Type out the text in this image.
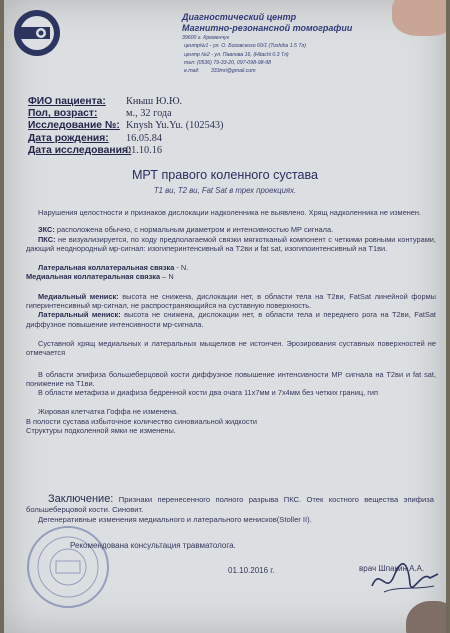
Диагностический центр
Магнитно-резонансной томографии
39600 г. Кременчуг
центр№1 - ул. О. Бозовского 60/1 (Toshiba 1.5 Тл)
центр №2 - ул. Павлова 16, (Hitachi 0.3 Тл)
тел: (0536) 79-33-20, 097-098-98-98
e.mail: 333mri@gmail.com
ФИО пациента:	Кныш Ю.Ю.
Пол, возраст:	м., 32 года
Исследование №: Knysh Yu.Yu. (102543)
Дата рождения:	16.05.84
Дата исследования:
01.10.16
МРТ правого коленного сустава
T1 ви, T2 ви, Fat Sat в трех проекциях.

Нарушения целостности и признаков дислокации надколенника не выявлено. Хрящ надколенника не изменен.

ЗКС: расположена обычно, с нормальным диаметром и интенсивностью МР сигнала.

ПКС: не визуализируется, по ходу предполагаемой связки мягкотканый компонент с четкими ровными контурами, дающий неоднородный мр-сигнал: изогиперинтенсивный на Т2ви и fat sat, изогипоинтенсивный на Т1ви.

Латеральная коллатеральная связка - N.
Медиальная коллатеральная связка – N

Медиальный мениск: высота не снижена, дислокации нет, в области тела на Т2ви, FatSat линейной формы гиперинтенсивный мр-сигнал, не распространяющийся на суставную поверхность.

Латеральный мениск: высота не снижена, дислокации нет, в области тела и переднего рога на Т2ви, FatSat диффузное повышение интенсивности мр-сигнала.

Суставной хрящ медиальных и латеральных мыщелков не истончен. Эрозирования суставных поверхностей не отмечается

В области эпифиза большеберцовой кости диффузное повышение интенсивности МР сигнала на Т2ви и fat sat, понижение на Т1ви.

В области метафиза и диафиза бедренной кости два очага 11х7мм и 7х4мм без четких границ, гип

Жировая клетчатка Гоффа не изменена.
В полости сустава избыточное количество синовиальной жидкости
Структуры подколенной ямки не изменены.

Заключение: Признаки перенесенного полного разрыва ПКС. Отек костного вещества эпифиза большеберцовой кости. Синовит.

Дегенеративные изменения медиального и латерального менисков(Stoller II).

Рекомендована консультация травматолога.
01.10.2016 г.	врач Шпакин А.А.
